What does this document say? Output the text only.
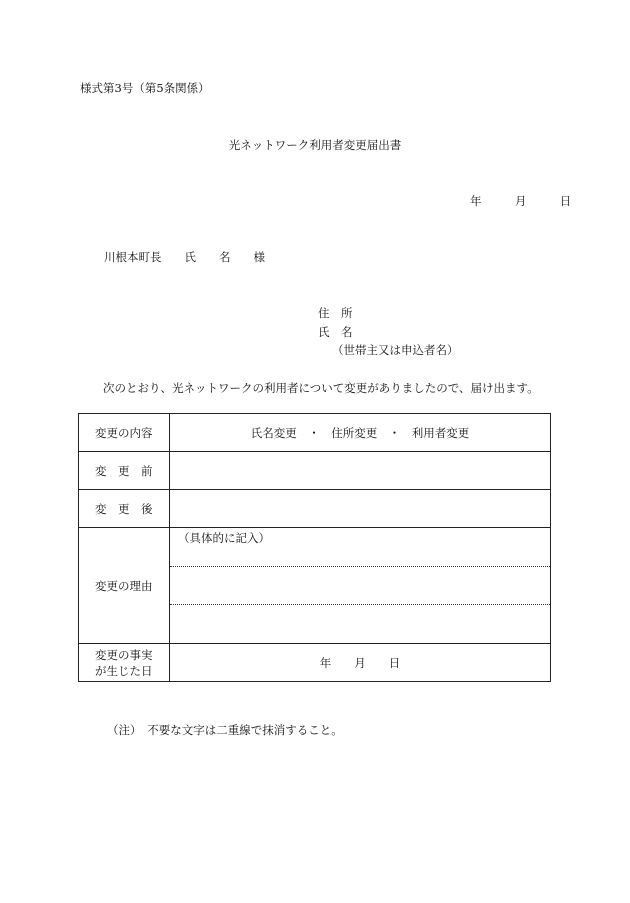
様式第3号（第5条関係）
光ネットワーク利用者変更届出書
年	月	日
川根本町長　　氏　　名　　様
住　所
氏　名
（世帯主又は申込者名）
次のとおり、光ネットワークの利用者について変更がありましたので、届け出ます。
変更の内容	氏名変更　・　住所変更　・　利用者変更
変　更　前	
変　更　後	
変更の理由	（具体的に記入）

変更の事実
が生じた日	年　　月　　日
（注）　不要な文字は二重線で抹消すること。
